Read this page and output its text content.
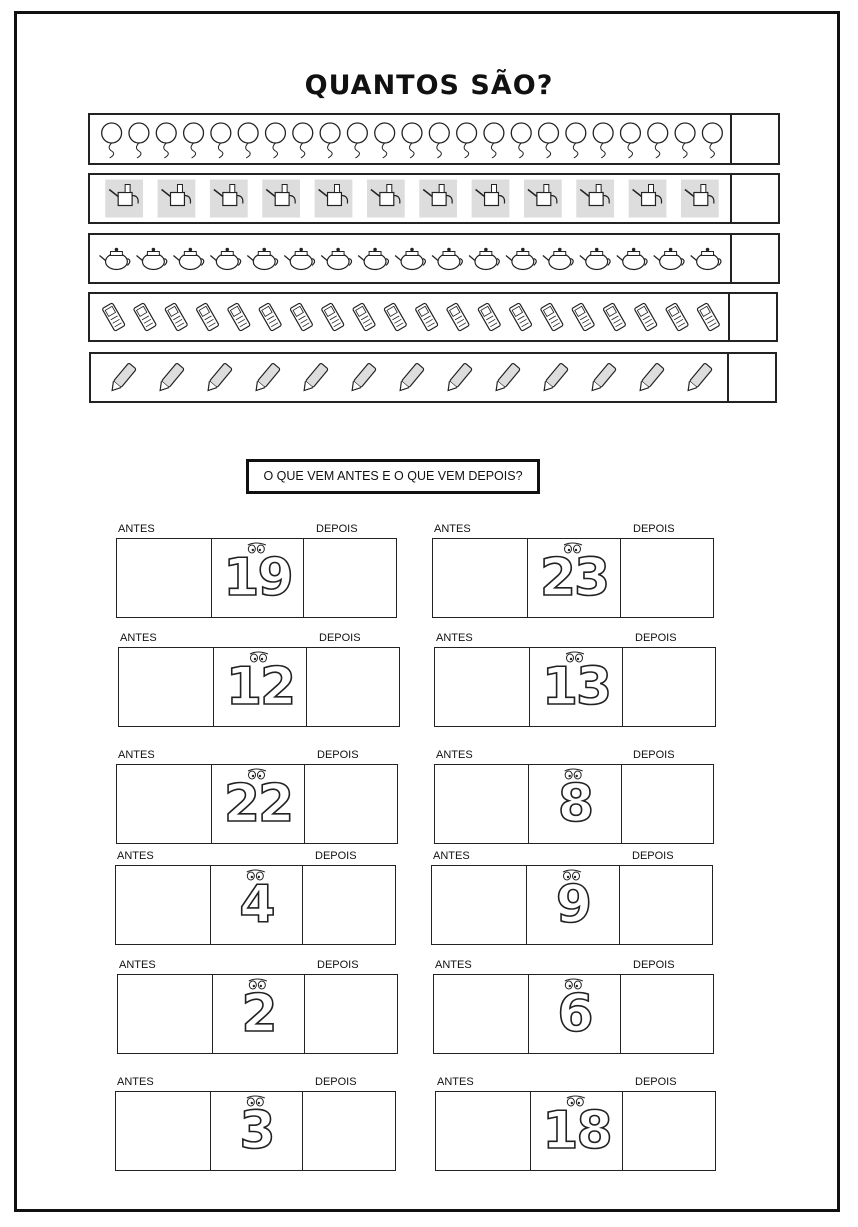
QUANTOS SÃO?
O QUE VEM ANTES E O QUE VEM DEPOIS?
ANTES	DEPOIS
19
ANTES	DEPOIS
23
ANTES	DEPOIS
12
ANTES	DEPOIS
13
ANTES	DEPOIS
22
ANTES	DEPOIS
8
ANTES	DEPOIS
4
ANTES	DEPOIS
9
ANTES	DEPOIS
2
ANTES	DEPOIS
6
ANTES	DEPOIS
3
ANTES	DEPOIS
18
